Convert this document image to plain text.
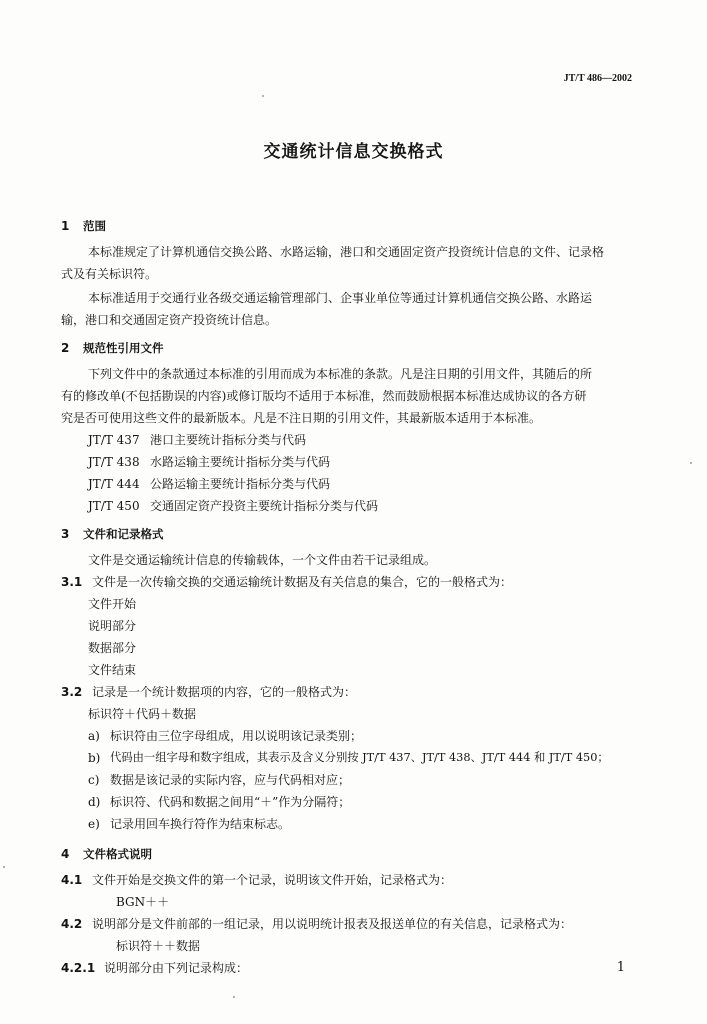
JT/T 486—2002
交通统计信息交换格式
1 范围
本标准规定了计算机通信交换公路、水路运输，港口和交通固定资产投资统计信息的文件、记录格
式及有关标识符。
本标准适用于交通行业各级交通运输管理部门、企事业单位等通过计算机通信交换公路、水路运
输，港口和交通固定资产投资统计信息。
2 规范性引用文件
下列文件中的条款通过本标准的引用而成为本标准的条款。凡是注日期的引用文件，其随后的所
有的修改单(不包括勘误的内容)或修订版均不适用于本标准，然而鼓励根据本标准达成协议的各方研
究是否可使用这些文件的最新版本。凡是不注日期的引用文件，其最新版本适用于本标准。
JT/T 437 港口主要统计指标分类与代码
JT/T 438 水路运输主要统计指标分类与代码
JT/T 444 公路运输主要统计指标分类与代码
JT/T 450 交通固定资产投资主要统计指标分类与代码
3 文件和记录格式
文件是交通运输统计信息的传输载体，一个文件由若干记录组成。
3.1 文件是一次传输交换的交通运输统计数据及有关信息的集合，它的一般格式为：
文件开始
说明部分
数据部分
文件结束
3.2 记录是一个统计数据项的内容，它的一般格式为：
标识符＋代码＋数据
a) 标识符由三位字母组成，用以说明该记录类别；
b) 代码由一组字母和数字组成，其表示及含义分别按 JT/T 437、JT/T 438、JT/T 444 和 JT/T 450；
c) 数据是该记录的实际内容，应与代码相对应；
d) 标识符、代码和数据之间用“＋”作为分隔符；
e) 记录用回车换行符作为结束标志。
4 文件格式说明
4.1 文件开始是交换文件的第一个记录，说明该文件开始，记录格式为：
BGN＋＋
4.2 说明部分是文件前部的一组记录，用以说明统计报表及报送单位的有关信息，记录格式为：
标识符＋＋数据
4.2.1 说明部分由下列记录构成：	1
